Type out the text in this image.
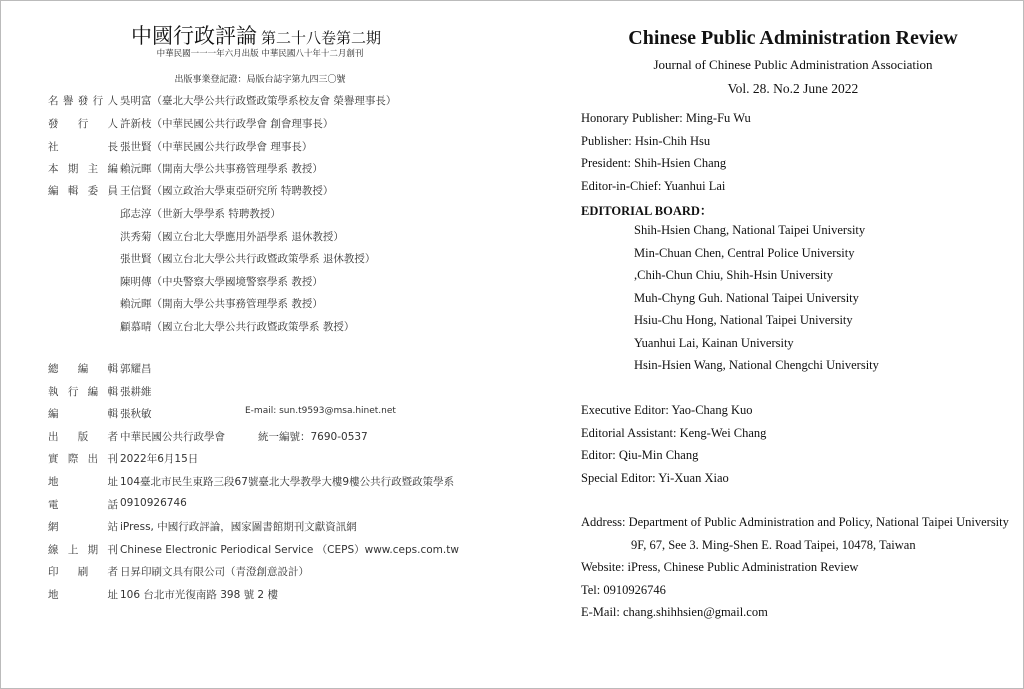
中國行政評論 第二十八卷第二期
中華民國一一一年六月出版 中華民國八十年十二月創刊
出版事業登記證：局版台誌字第九四三〇號
Chinese Public Administration Review
Journal of Chinese Public Administration Association
Vol. 28. No.2 June 2022
名譽發行人 吳明富（臺北大學公共行政暨政策學系校友會 榮譽理事長）
發行人 許新枝（中華民國公共行政學會 創會理事長）
社長 張世賢（中華民國公共行政學會 理事長）
本期主編 賴沅暉（開南大學公共事務管理學系 教授）
編輯委員 王信賢（國立政治大學東亞研究所 特聘教授）
邱志淳（世新大學學系 特聘教授）
洪秀菊（國立台北大學應用外語學系 退休教授）
張世賢（國立台北大學公共行政暨政策學系 退休教授）
陳明傳（中央警察大學國境警察學系 教授）
賴沅暉（開南大學公共事務管理學系 教授）
顧慕晴（國立台北大學公共行政暨政策學系 教授）
總編輯 郭耀昌
執行編輯 張耕維
編輯 張秋敏	E-mail: sun.t9593@msa.hinet.net
出版者 中華民國公共行政學會	統一編號：7690-0537
實際出刊 2022年6月15日
地址 104臺北市民生東路三段67號臺北大學教學大樓9樓公共行政暨政策學系
電話 0910926746
網站 iPress, 中國行政評論，國家圖書館期刊文獻資訊網
線上期刊 Chinese Electronic Periodical Service （CEPS）www.ceps.com.tw
印刷者 日昇印刷文具有限公司（青澄創意設計）
地址 106 台北市光復南路 398 號 2 樓
Honorary Publisher: Ming-Fu Wu
Publisher: Hsin-Chih Hsu
President: Shih-Hsien Chang
Editor-in-Chief: Yuanhui Lai
EDITORIAL BOARD：
Shih-Hsien Chang, National Taipei University
Min-Chuan Chen, Central Police University
,Chih-Chun Chiu, Shih-Hsin University
Muh-Chyng Guh. National Taipei University
Hsiu-Chu Hong, National Taipei University
Yuanhui Lai, Kainan University
Hsin-Hsien Wang, National Chengchi University
Executive Editor: Yao-Chang Kuo
Editorial Assistant: Keng-Wei Chang
Editor: Qiu-Min Chang
Special Editor: Yi-Xuan Xiao
Address: Department of Public Administration and Policy, National Taipei University
9F, 67, See 3. Ming-Shen E. Road Taipei, 10478, Taiwan
Website: iPress, Chinese Public Administration Review
Tel: 0910926746
E-Mail: chang.shihhsien@gmail.com
